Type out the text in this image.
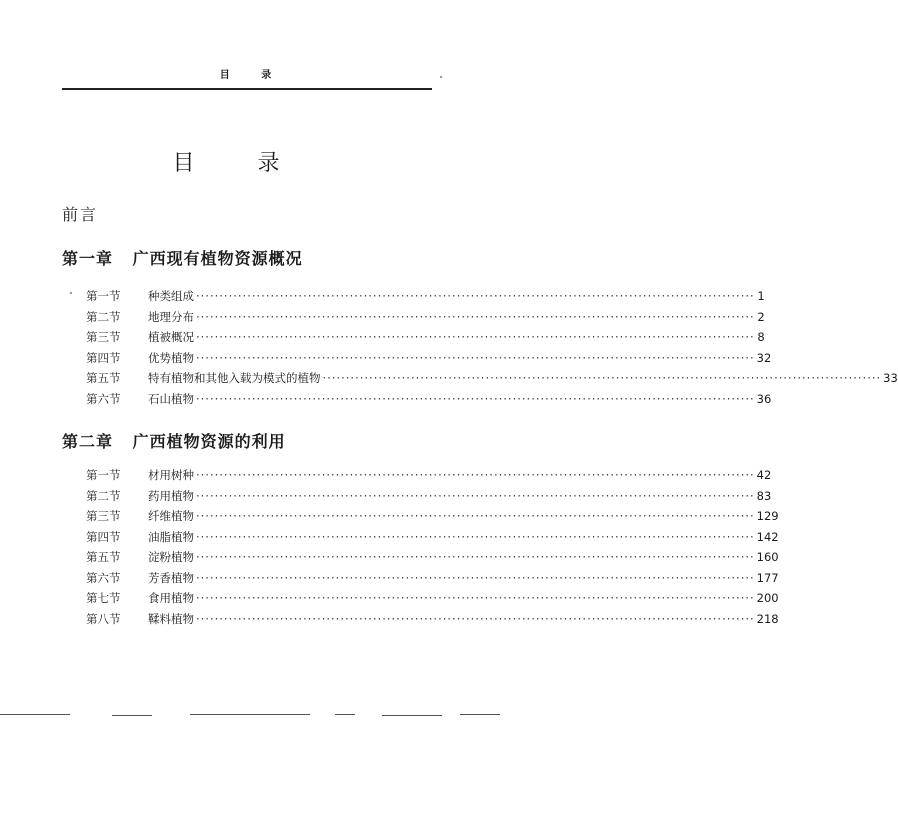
目 录
目 录
前言
第一章 广西现有植物资源概况
第一节	种类组成 ························································································································ 1
第二节	地理分布 ························································································································ 2
第三节	植被概况 ························································································································ 8
第四节	优势植物 ························································································································ 32
第五节	特有植物和其他入载为模式的植物 ························································································································ 33
第六节	石山植物 ························································································································ 36
第二章 广西植物资源的利用
第一节	材用树种 ························································································································ 42
第二节	药用植物 ························································································································ 83
第三节	纤维植物 ························································································································ 129
第四节	油脂植物 ························································································································ 142
第五节	淀粉植物 ························································································································ 160
第六节	芳香植物 ························································································································ 177
第七节	食用植物 ························································································································ 200
第八节	鞣料植物 ························································································································ 218
